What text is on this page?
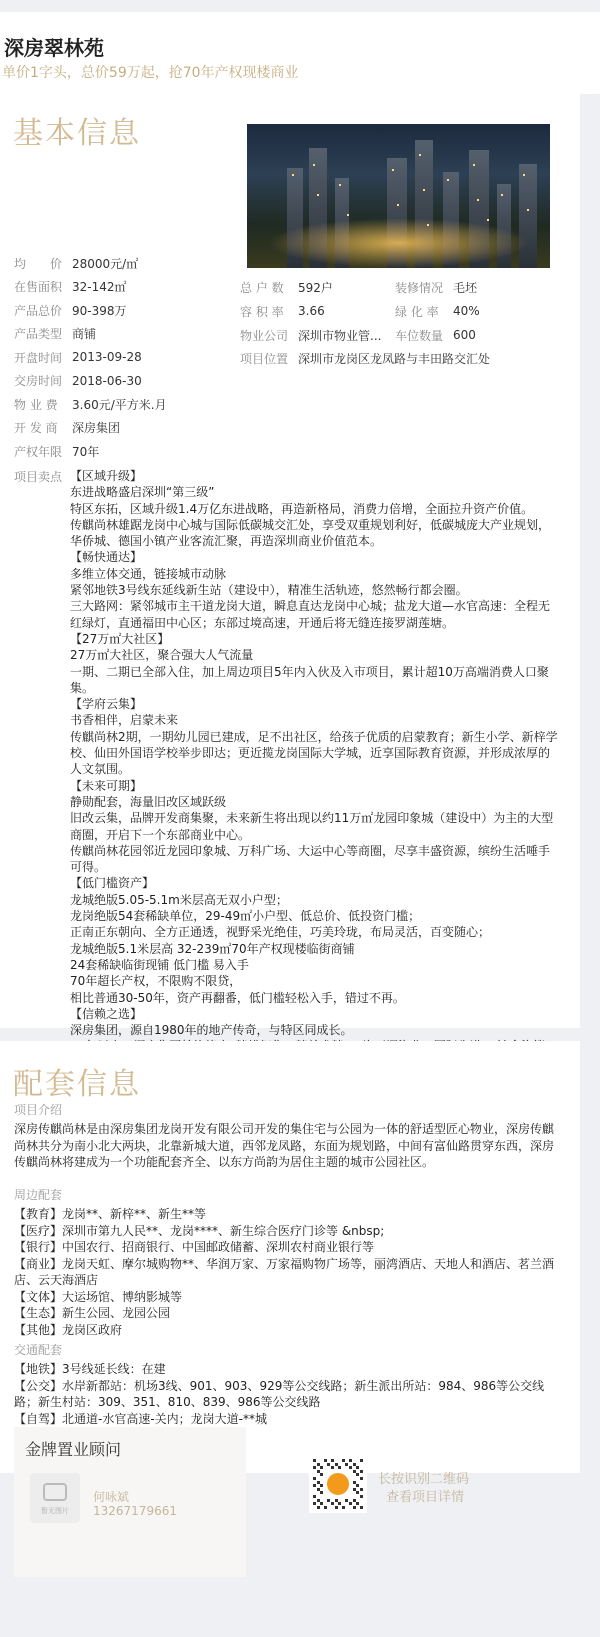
深房翠林苑
单价1字头，总价59万起，抢70年产权现楼商业
基本信息
均　　价 28000元/㎡
在售面积 32-142㎡
产品总价 90-398万
产品类型 商铺
开盘时间 2013-09-28
交房时间 2018-06-30
物 业 费	3.60元/平方米.月
开 发 商	深房集团
产权年限 70年
总 户 数	592户	装修情况 毛坯
容 积 率	3.66	绿 化 率	40%
物业公司 深圳市物业管... 车位数量 600
项目位置 深圳市龙岗区龙凤路与丰田路交汇处
项目卖点 【区域升级】
东进战略盛启深圳“第三级”
特区东拓，区域升级1.4万亿东进战略，再造新格局，消费力倍增，全面拉升资产价值。
传麒尚林雄踞龙岗中心城与国际低碳城交汇处，享受双重规划利好，低碳城庞大产业规划，华侨城、德国小镇产业客流汇聚，再造深圳商业价值范本。
【畅快通达】
多维立体交通，链接城市动脉
紧邻地铁3号线东延线新生站（建设中），精准生活轨迹，悠然畅行都会圈。
三大路网：紧邻城市主干道龙岗大道，瞬息直达龙岗中心城；盐龙大道—水官高速：全程无红绿灯，直通福田中心区；东部过境高速，开通后将无缝连接罗湖莲塘。
【27万㎡大社区】
27万㎡大社区，聚合强大人气流量
一期、二期已全部入住，加上周边项目5年内入伙及入市项目，累计超10万高端消费人口聚集。
【学府云集】
书香相伴，启蒙未来
传麒尚林2期，一期幼儿园已建成，足不出社区，给孩子优质的启蒙教育；新生小学、新梓学校、仙田外国语学校举步即达；更近揽龙岗国际大学城，近享国际教育资源，并形成浓厚的人文氛围。
【未来可期】
静勋配套，海量旧改区域跃级
旧改云集，品牌开发商集聚，未来新生将出现以约11万㎡龙园印象城（建设中）为主的大型商圈，开启下一个东部商业中心。
传麒尚林花园邻近龙园印象城、万科广场、大运中心等商圈，尽享丰盛资源，缤纷生活唾手可得。
【低门槛资产】
龙城绝版5.05-5.1m米层高无双小户型；
龙岗绝版54套稀缺单位，29-49㎡小户型、低总价、低投资门槛；
正南正东朝向、全方正通透，视野采光绝佳，巧美玲珑，布局灵活，百变随心；
龙城绝版5.1米层高 32-239㎡70年产权现楼临街商铺
24套稀缺临街现铺 低门槛 易入手
70年超长产权，不限购不限贷，
相比普通30-50年，资产再翻番，低门槛轻松入手，错过不再。
【信赖之选】
深房集团，源自1980年的地产传奇，与特区同成长。
配套信息
项目介绍
深房传麒尚林是由深房集团龙岗开发有限公司开发的集住宅与公园为一体的舒适型匠心物业，深房传麒
尚林共分为南小北大两块，北靠新城大道，西邻龙凤路，东面为规划路，中间有富仙路贯穿东西，深房
传麒尚林将建成为一个功能配套齐全、以东方尚韵为居住主题的城市公园社区。
周边配套
【教育】龙岗**、新梓**、新生**等
【医疗】深圳市第九人民**、龙岗****、新生综合医疗门诊等 &nbsp;
【银行】中国农行、招商银行、中国邮政储蓄、深圳农村商业银行等
【商业】龙岗天虹、摩尔城购物**、华润万家、万家福购物广场等，丽湾酒店、天地人和酒店、茗兰酒
店、云天海酒店
【文体】大运场馆、博纳影城等
【生态】新生公园、龙园公园
【其他】龙岗区政府
交通配套
【地铁】3号线延长线：在建
【公交】水岸新都站：机场3线、901、903、929等公交线路；新生派出所站：984、986等公交线
路；新生村站：309、351、810、839、986等公交线路
【自驾】北通道-水官高速-关内；龙岗大道-**城
金牌置业顾问
暂无图片
何咏斌
13267179661
长按识别二维码
查看项目详情
